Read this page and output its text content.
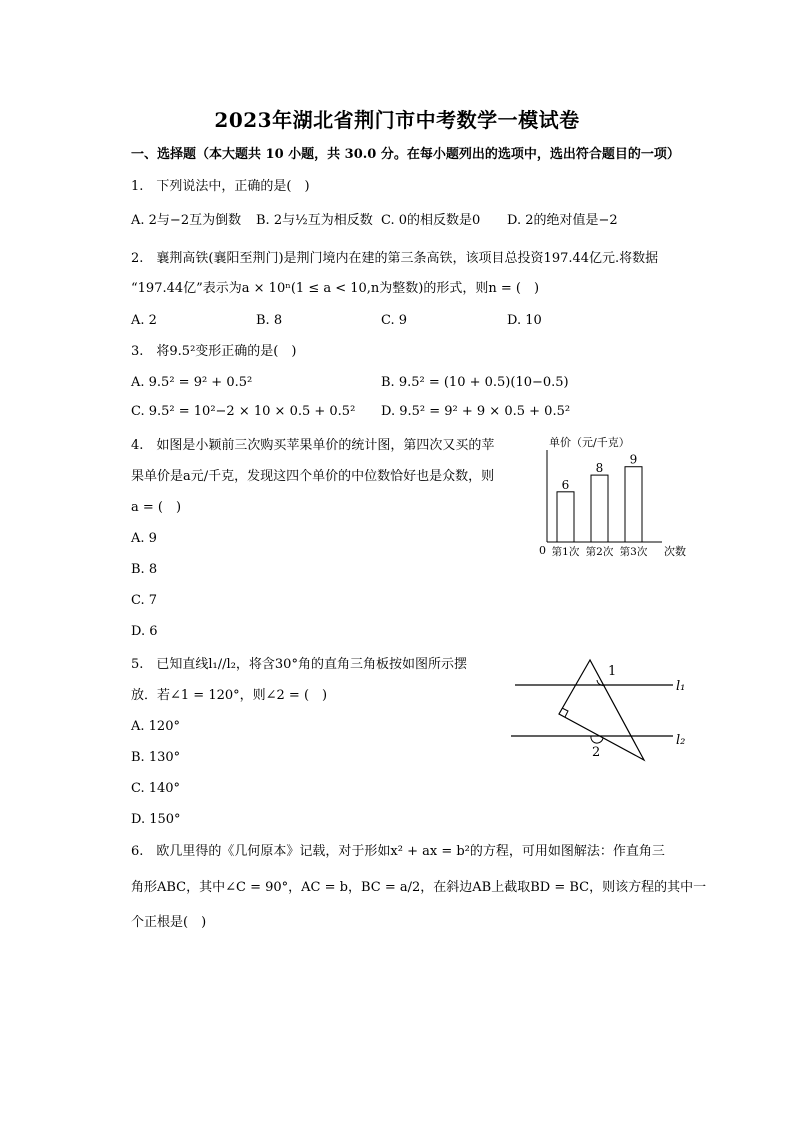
2023年湖北省荆门市中考数学一模试卷
一、选择题（本大题共 10 小题，共 30.0 分。在每小题列出的选项中，选出符合题目的一项）
1.　下列说法中，正确的是(　)
A. 2与−2互为倒数 B. 2与½互为相反数 C. 0的相反数是0 D. 2的绝对值是−2
2.　襄荆高铁(襄阳至荆门)是荆门境内在建的第三条高铁，该项目总投资197.44亿元.将数据
“197.44亿”表示为a × 10ⁿ(1 ≤ a < 10,n为整数)的形式，则n = (　)
A. 2	B. 8	C. 9	D. 10
3.　将9.5²变形正确的是(　)
A. 9.5² = 9² + 0.5²	B. 9.5² = (10 + 0.5)(10−0.5)
C. 9.5² = 10²−2 × 10 × 0.5 + 0.5² D. 9.5² = 9² + 9 × 0.5 + 0.5²
4.　如图是小颖前三次购买苹果单价的统计图，第四次又买的苹
果单价是a元/千克，发现这四个单价的中位数恰好也是众数，则
a = (　)
A. 9
B. 8
C. 7
D. 6
6
第1次
8
第2次
9
第3次
单价（元/千克）
次数
0
5.　已知直线l₁//l₂，将含30°角的直角三角板按如图所示摆
放．若∠1 = 120°，则∠2 = (　)
A. 120°
B. 130°
C. 140°
D. 150°
1
2
l₁
l₂
6.　欧几里得的《几何原本》记载，对于形如x² + ax = b²的方程，可用如图解法：作直角三
角形ABC，其中∠C = 90°，AC = b，BC = a/2，在斜边AB上截取BD = BC，则该方程的其中一
个正根是(　)
